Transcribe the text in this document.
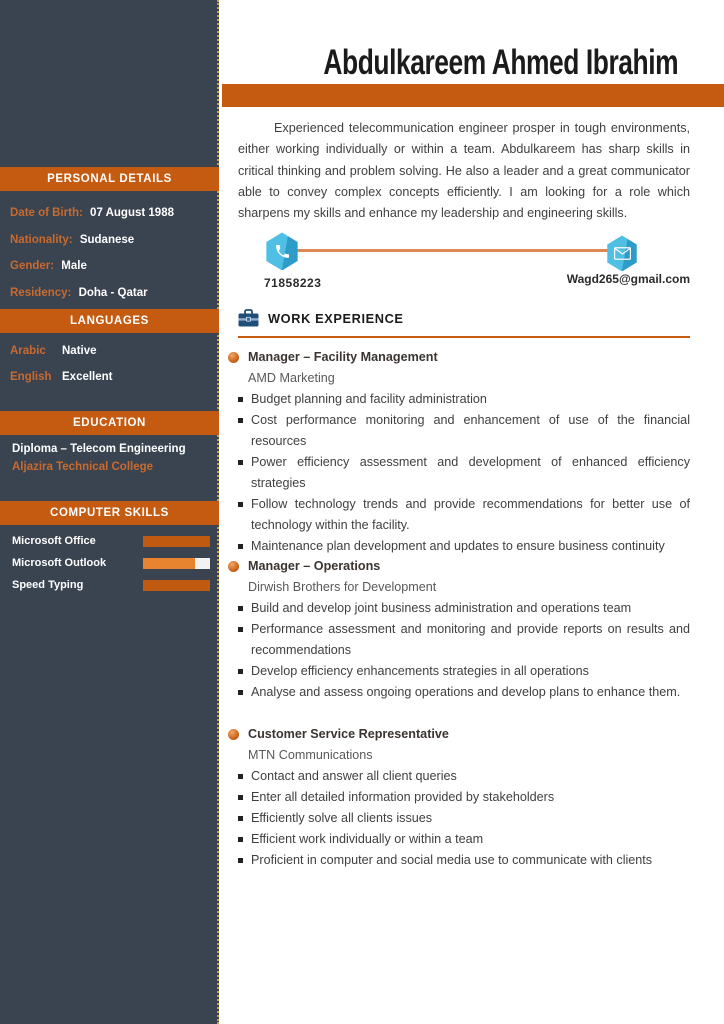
PERSONAL DETAILS
Date of Birth: 07 August 1988
Nationality: Sudanese
Gender: Male
Residency: Doha - Qatar
LANGUAGES
Arabic	Native
English Excellent
EDUCATION
Diploma – Telecom Engineering
Aljazira Technical College
COMPUTER SKILLS
Microsoft Office
Microsoft Outlook
Speed Typing
Abdulkareem Ahmed Ibrahim

Experienced telecommunication engineer prosper in tough environments, either working individually or within a team. Abdulkareem has sharp skills in critical thinking and problem solving. He also a leader and a great communicator able to convey complex concepts efficiently. I am looking for a role which sharpens my skills and enhance my leadership and engineering skills.

71858223	Wagd265@gmail.com
WORK EXPERIENCE
Manager – Facility Management
AMD Marketing
Budget planning and facility administration
Cost performance monitoring and enhancement of use of the financial resources
Power efficiency assessment and development of enhanced efficiency strategies
Follow technology trends and provide recommendations for better use of technology within the facility.
Maintenance plan development and updates to ensure business continuity
Manager – Operations
Dirwish Brothers for Development
Build and develop joint business administration and operations team
Performance assessment and monitoring and provide reports on results and recommendations
Develop efficiency enhancements strategies in all operations
Analyse and assess ongoing operations and develop plans to enhance them.
Customer Service Representative
MTN Communications
Contact and answer all client queries
Enter all detailed information provided by stakeholders
Efficiently solve all clients issues
Efficient work individually or within a team
Proficient in computer and social media use to communicate with clients
